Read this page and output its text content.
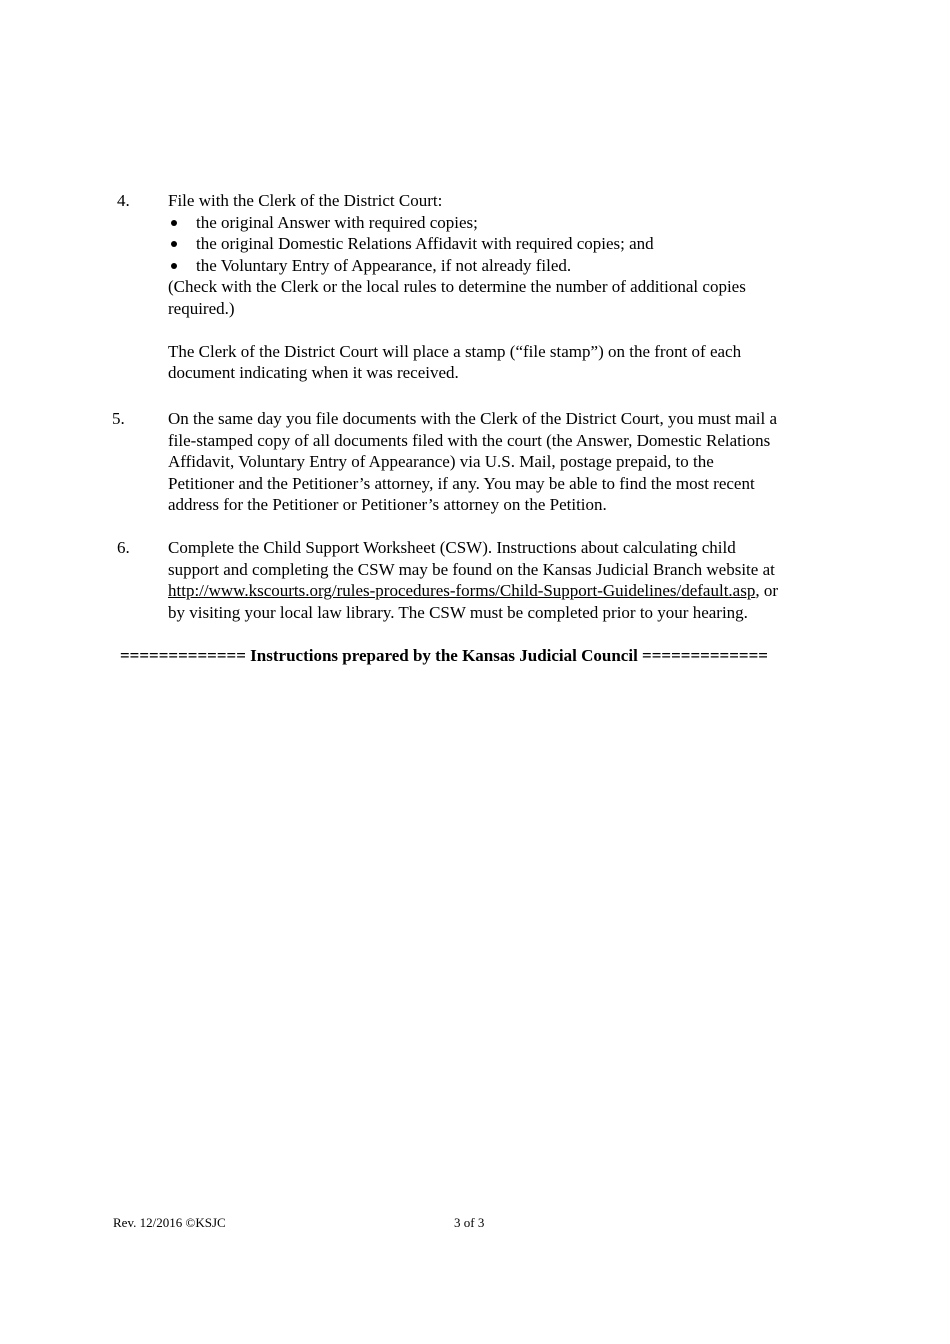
4. File with the Clerk of the District Court:
the original Answer with required copies;
the original Domestic Relations Affidavit with required copies; and
the Voluntary Entry of Appearance, if not already filed.
(Check with the Clerk or the local rules to determine the number of additional copies
required.)
The Clerk of the District Court will place a stamp (“file stamp”) on the front of each
document indicating when it was received.
5.	On the same day you file documents with the Clerk of the District Court, you must mail a
file-stamped copy of all documents filed with the court (the Answer, Domestic Relations
Affidavit, Voluntary Entry of Appearance) via U.S. Mail, postage prepaid, to the
Petitioner and the Petitioner’s attorney, if any. You may be able to find the most recent
address for the Petitioner or Petitioner’s attorney on the Petition.
6. Complete the Child Support Worksheet (CSW). Instructions about calculating child
support and completing the CSW may be found on the Kansas Judicial Branch website at
http://www.kscourts.org/rules-procedures-forms/Child-Support-Guidelines/default.asp, or
by visiting your local law library. The CSW must be completed prior to your hearing.
============= Instructions prepared by the Kansas Judicial Council =============
Rev. 12/2016 ©KSJC	3 of 3
